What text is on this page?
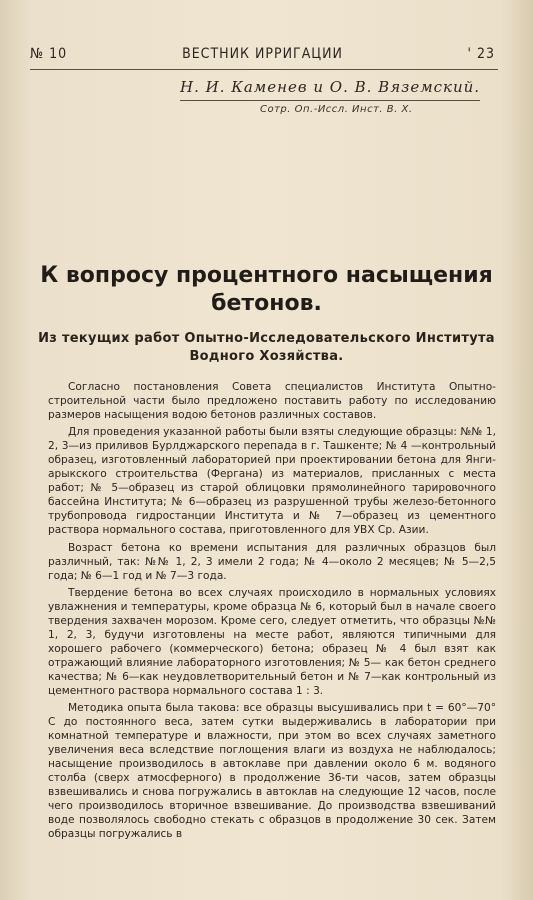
№ 10	ВЕСТНИК ИРРИГАЦИИ	' 23
Н. И. Каменев и О. В. Вяземский.
Сотр. Оп.-Исcл. Инст. В. Х.
К вопросу процентного насыщения
бетонов.
Из текущих работ Опытно-Исследовательского Института
Водного Хозяйства.

Согласно постановления Совета специалистов Института Опытно-строительной части было предложено поставить работу по исследованию размеров насыщения водою бетонов различных составов.

Для проведения указанной работы были взяты следующие образцы: №№ 1, 2, 3—из приливов Бурлджарского перепада в г. Ташкенте; № 4 —контрольный образец, изготовленный лабораторией при проектировании бетона для Янги-арыкского строительства (Фергана) из материалов, присланных с места работ; № 5—образец из старой облицовки прямолинейного тарировочного бассейна Института; № 6—образец из разрушенной трубы железо-бетонного трубопровода гидростанции Института и № 7—образец из цементного раствора нормального состава, приготовленного для УВХ Ср. Азии.

Возраст бетона ко времени испытания для различных образцов был различный, так: №№ 1, 2, 3 имели 2 года; № 4—около 2 месяцев; № 5—2,5 года; № 6—1 год и № 7—3 года.

Твердение бетона во всех случаях происходило в нормальных условиях увлажнения и температуры, кроме образца № 6, который был в начале своего твердения захвачен морозом. Кроме сего, следует отметить, что образцы №№ 1, 2, 3, будучи изготовлены на месте работ, являются типичными для хорошего рабочего (коммерческого) бетона; образец № 4 был взят как отражающий влияние лабораторного изготовления; № 5— как бетон среднего качества; № 6—как неудовлетворительный бетон и № 7—как контрольный из цементного раствора нормального состава 1 : 3.

Методика опыта была такова: все образцы высушивались при t = 60°—70° С до постоянного веса, затем сутки выдерживались в лаборатории при комнатной температуре и влажности, при этом во всех случаях заметного увеличения веса вследствие поглощения влаги из воздуха не наблюдалось; насыщение производилось в автоклаве при давлении около 6 м. водяного столба (сверх атмосферного) в продолжение 36-ти часов, затем образцы взвешивались и снова погружались в автоклав на следующие 12 часов, после чего производилось вторичное взвешивание. До производства взвешиваний воде позволялось свободно стекать с образцов в продолжение 30 сек. Затем образцы погружались в
